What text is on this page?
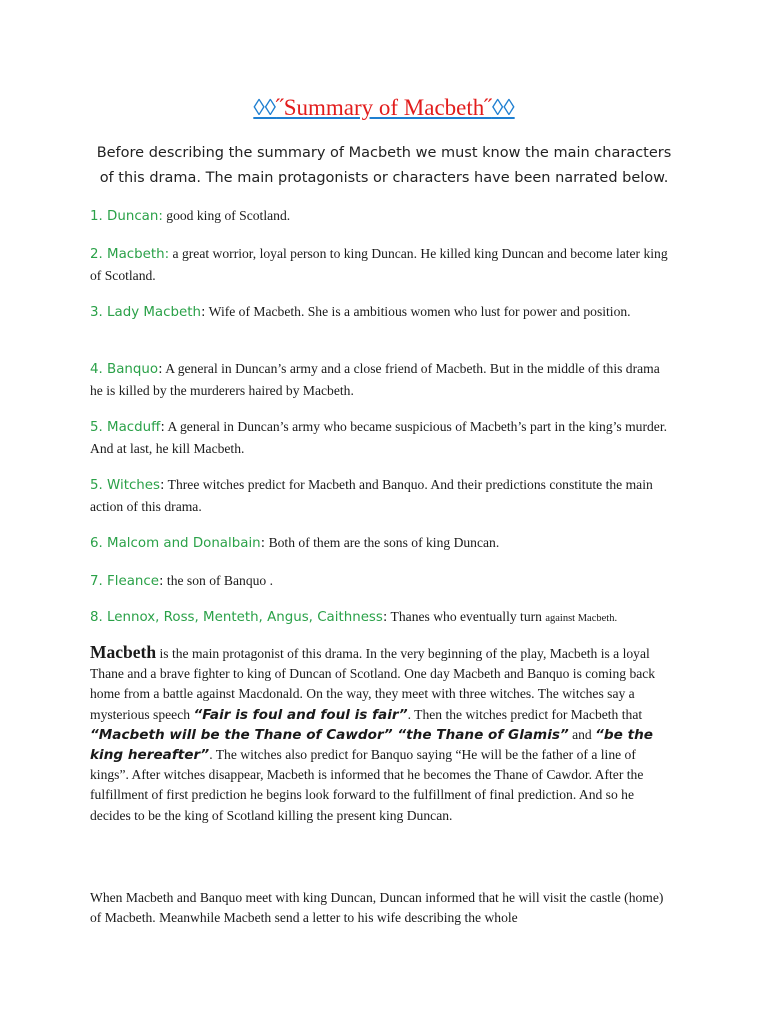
◊◊˝Summary of Macbeth˝◊◊
Before describing the summary of Macbeth we must know the main characters of this drama. The main protagonists or characters have been narrated below.
1. Duncan: good king of Scotland.
2. Macbeth: a great worrior, loyal person to king Duncan. He killed king Duncan and become later king of Scotland.
3. Lady Macbeth: Wife of Macbeth. She is a ambitious women who lust for power and position.
4. Banquo: A general in Duncan’s army and a close friend of Macbeth. But in the middle of this drama he is killed by the murderers haired by Macbeth.
5. Macduff: A general in Duncan’s army who became suspicious of Macbeth’s part in the king’s murder. And at last, he kill Macbeth.
5. Witches: Three witches predict for Macbeth and Banquo. And their predictions constitute the main action of this drama.
6. Malcom and Donalbain: Both of them are the sons of king Duncan.
7. Fleance: the son of Banquo .
8. Lennox, Ross, Menteth, Angus, Caithness: Thanes who eventually turn against Macbeth.
Macbeth is the main protagonist of this drama. In the very beginning of the play, Macbeth is a loyal Thane and a brave fighter to king of Duncan of Scotland. One day Macbeth and Banquo is coming back home from a battle against Macdonald. On the way, they meet with three witches. The witches say a mysterious speech “Fair is foul and foul is fair”. Then the witches predict for Macbeth that “Macbeth will be the Thane of Cawdor” “the Thane of Glamis” and “be the king hereafter”. The witches also predict for Banquo saying “He will be the father of a line of kings”. After witches disappear, Macbeth is informed that he becomes the Thane of Cawdor. After the fulfillment of first prediction he begins look forward to the fulfillment of final prediction. And so he decides to be the king of Scotland killing the present king Duncan.
When Macbeth and Banquo meet with king Duncan, Duncan informed that he will visit the castle (home) of Macbeth. Meanwhile Macbeth send a letter to his wife describing the whole
